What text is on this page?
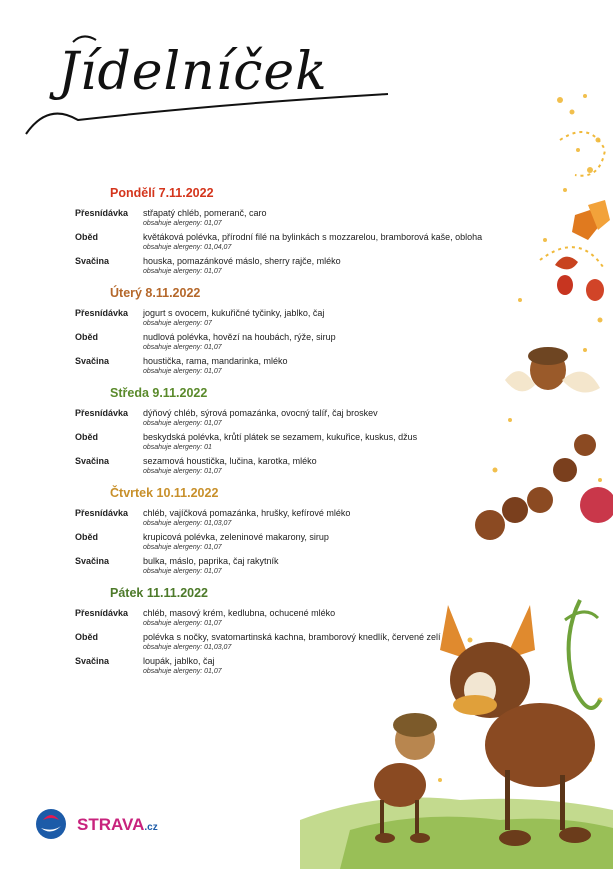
Jídelníček
Pondělí 7.11.2022
Přesnídávka	střapatý chléb, pomeranč, caro
obsahuje alergeny: 01,07
Oběd	květáková polévka, přírodní filé na bylinkách s mozzarelou, bramborová kaše, obloha
obsahuje alergeny: 01,04,07
Svačina	houska, pomazánkové máslo, sherry rajče, mléko
obsahuje alergeny: 01,07
Úterý 8.11.2022
Přesnídávka	jogurt s ovocem, kukuřičné tyčinky, jablko, čaj
obsahuje alergeny: 07
Oběd	nudlová polévka, hovězí na houbách, rýže, sirup
obsahuje alergeny: 01,07
Svačina	houstička, rama, mandarinka, mléko
obsahuje alergeny: 01,07
Středa 9.11.2022
Přesnídávka	dýňový chléb, sýrová pomazánka, ovocný talíř, čaj broskev
obsahuje alergeny: 01,07
Oběd	beskydská polévka, krůtí plátek se sezamem, kukuřice, kuskus, džus
obsahuje alergeny: 01
Svačina	sezamová houstička, lučina, karotka, mléko
obsahuje alergeny: 01,07
Čtvrtek 10.11.2022
Přesnídávka	chléb, vajíčková pomazánka, hrušky, kefírové mléko
obsahuje alergeny: 01,03,07
Oběd	krupicová polévka, zeleninové makarony, sirup
obsahuje alergeny: 01,07
Svačina	bulka, máslo, paprika, čaj rakytník
obsahuje alergeny: 01,07
Pátek 11.11.2022
Přesnídávka	chléb, masový krém, kedlubna, ochucené mléko
obsahuje alergeny: 01,07
Oběd	polévka s nočky, svatomartinská kachna, bramborový knedlík, červené zelí
obsahuje alergeny: 01,03,07
Svačina	loupák, jablko, čaj
obsahuje alergeny: 01,07
STRAVA.cz
